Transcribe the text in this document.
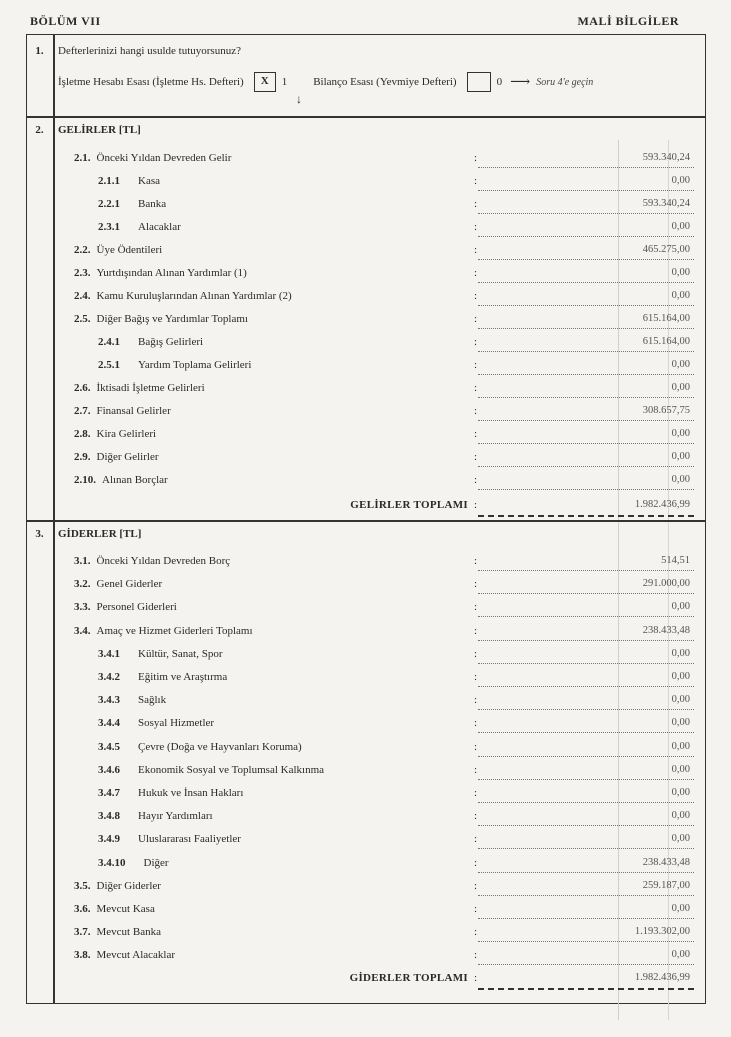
BÖLÜM VII	MALİ BİLGİLER
1.	Defterlerinizi hangi usulde tutuyorsunuz?
İşletme Hesabı Esası (İşletme Hs. Defteri)	X	1 Bilanço Esası (Yevmiye Defteri)	0 ⟶ Soru 4'e geçin
↓
2.	GELİRLER [TL]
2.1. Önceki Yıldan Devreden Gelir	:	593.340,24
2.1.1 Kasa	:	0,00
2.2.1 Banka	:	593.340,24
2.3.1 Alacaklar	:	0,00
2.2. Üye Ödentileri	:	465.275,00
2.3. Yurtdışından Alınan Yardımlar (1)	:	0,00
2.4. Kamu Kuruluşlarından Alınan Yardımlar (2)	:	0,00
2.5. Diğer Bağış ve Yardımlar Toplamı	:	615.164,00
2.4.1 Bağış Gelirleri	:	615.164,00
2.5.1 Yardım Toplama Gelirleri	:	0,00
2.6. İktisadi İşletme Gelirleri	:	0,00
2.7. Finansal Gelirler	:	308.657,75
2.8. Kira Gelirleri	:	0,00
2.9. Diğer Gelirler	:	0,00
2.10. Alınan Borçlar	:	0,00
GELİRLER TOPLAMI :	1.982.436,99
3.	GİDERLER [TL]
3.1. Önceki Yıldan Devreden Borç	:	514,51
3.2. Genel Giderler	:	291.000,00
3.3. Personel Giderleri	:	0,00
3.4. Amaç ve Hizmet Giderleri Toplamı	:	238.433,48
3.4.1 Kültür, Sanat, Spor	:	0,00
3.4.2 Eğitim ve Araştırma	:	0,00
3.4.3 Sağlık	:	0,00
3.4.4 Sosyal Hizmetler	:	0,00
3.4.5 Çevre (Doğa ve Hayvanları Koruma)	:	0,00
3.4.6 Ekonomik Sosyal ve Toplumsal Kalkınma	:	0,00
3.4.7 Hukuk ve İnsan Hakları	:	0,00
3.4.8 Hayır Yardımları	:	0,00
3.4.9 Uluslararası Faaliyetler	:	0,00
3.4.10 Diğer	:	238.433,48
3.5. Diğer Giderler	:	259.187,00
3.6. Mevcut Kasa	:	0,00
3.7. Mevcut Banka	:	1.193.302,00
3.8. Mevcut Alacaklar	:	0,00
GİDERLER TOPLAMI :	1.982.436,99
